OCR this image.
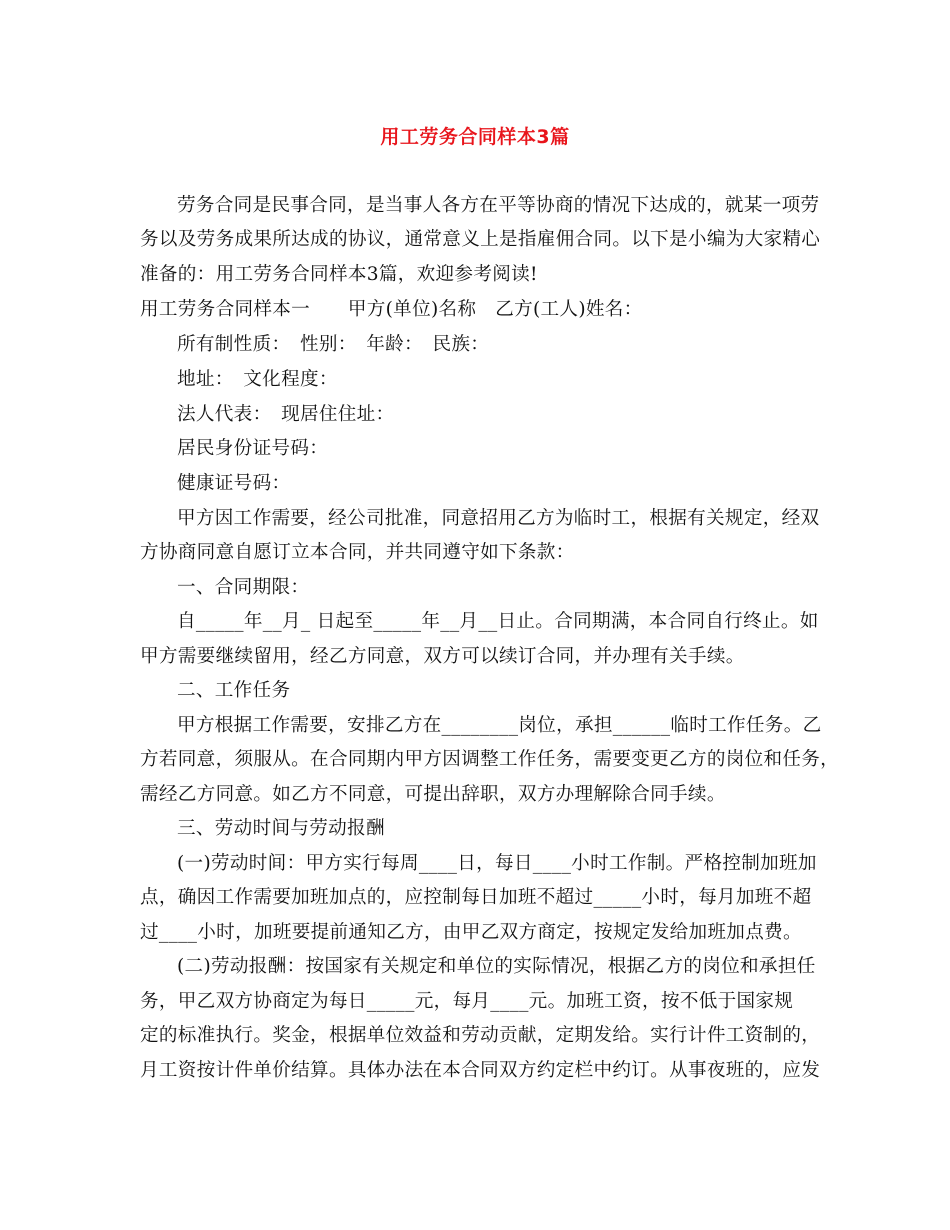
用工劳务合同样本3篇
劳务合同是民事合同，是当事人各方在平等协商的情况下达成的，就某一项劳
务以及劳务成果所达成的协议，通常意义上是指雇佣合同。以下是小编为大家精心
准备的：用工劳务合同样本3篇，欢迎参考阅读!
用工劳务合同样本一　　甲方(单位)名称　乙方(工人)姓名：
所有制性质：　性别：　年龄：　民族：
地址：　文化程度：
法人代表：　现居住住址：
居民身份证号码：
健康证号码：
甲方因工作需要，经公司批准，同意招用乙方为临时工，根据有关规定，经双
方协商同意自愿订立本合同，并共同遵守如下条款：
一、合同期限：
自_____年__月_ 日起至_____年__月__日止。合同期满，本合同自行终止。如
甲方需要继续留用，经乙方同意，双方可以续订合同，并办理有关手续。
二、工作任务
甲方根据工作需要，安排乙方在________岗位，承担______临时工作任务。乙
方若同意，须服从。在合同期内甲方因调整工作任务，需要变更乙方的岗位和任务，
需经乙方同意。如乙方不同意，可提出辞职，双方办理解除合同手续。
三、劳动时间与劳动报酬
(一)劳动时间：甲方实行每周____日，每日____小时工作制。严格控制加班加
点，确因工作需要加班加点的，应控制每日加班不超过_____小时，每月加班不超
过____小时，加班要提前通知乙方，由甲乙双方商定，按规定发给加班加点费。
(二)劳动报酬：按国家有关规定和单位的实际情况，根据乙方的岗位和承担任
务，甲乙双方协商定为每日_____元，每月____元。加班工资，按不低于国家规
定的标准执行。奖金，根据单位效益和劳动贡献，定期发给。实行计件工资制的，
月工资按计件单价结算。具体办法在本合同双方约定栏中约订。从事夜班的，应发
